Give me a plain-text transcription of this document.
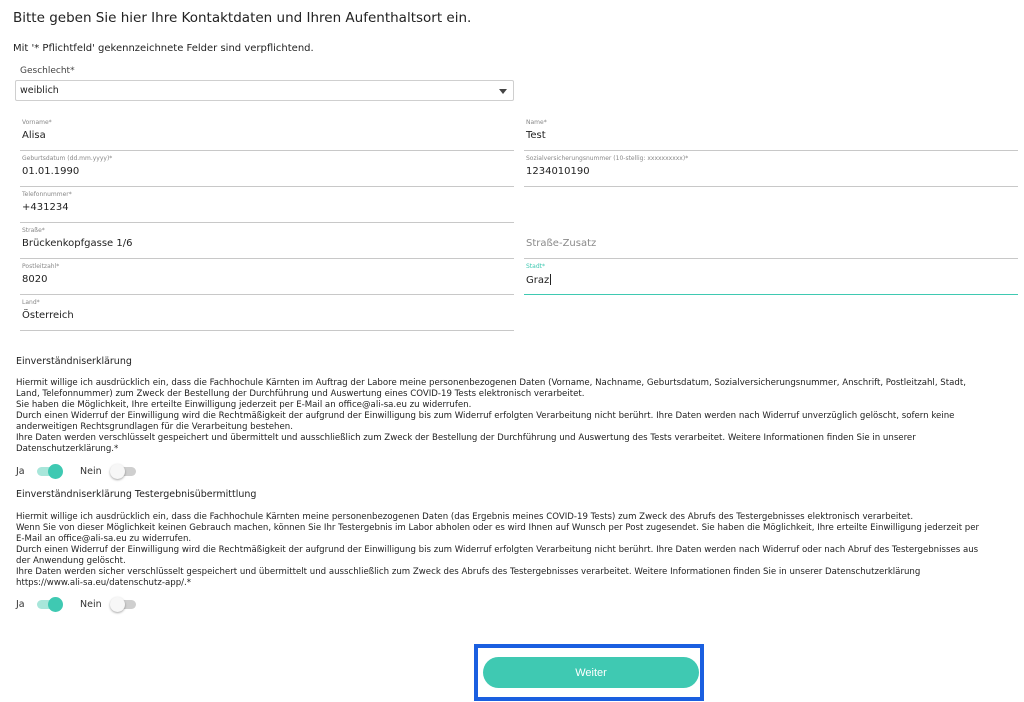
Bitte geben Sie hier Ihre Kontaktdaten und Ihren Aufenthaltsort ein.
Mit '* Pflichtfeld' gekennzeichnete Felder sind verpflichtend.
Geschlecht*
weiblich
Vorname*
Alisa
Name*
Test
Geburtsdatum (dd.mm.yyyy)*
01.01.1990
Sozialversicherungsnummer (10-stellig: xxxxxxxxxx)*
1234010190
Telefonnummer*
+431234
Straße*
Brückenkopfgasse 1/6	Straße-Zusatz
Postleitzahl*
8020
Stadt*
Graz
Land*
Österreich
Einverständniserklärung

Hiermit willige ich ausdrücklich ein, dass die Fachhochule Kärnten im Auftrag der Labore meine personenbezogenen Daten (Vorname, Nachname, Geburtsdatum, Sozialversicherungsnummer, Anschrift, Postleitzahl, Stadt, Land, Telefonnummer) zum Zweck der Bestellung der Durchführung und Auswertung eines COVID-19 Tests elektronisch verarbeitet.

Sie haben die Möglichkeit, Ihre erteilte Einwilligung jederzeit per E-Mail an office@ali-sa.eu zu widerrufen.

Durch einen Widerruf der Einwilligung wird die Rechtmäßigkeit der aufgrund der Einwilligung bis zum Widerruf erfolgten Verarbeitung nicht berührt. Ihre Daten werden nach Widerruf unverzüglich gelöscht, sofern keine anderweitigen Rechtsgrundlagen für die Verarbeitung bestehen.

Ihre Daten werden verschlüsselt gespeichert und übermittelt und ausschließlich zum Zweck der Bestellung der Durchführung und Auswertung des Tests verarbeitet. Weitere Informationen finden Sie in unserer Datenschutzerklärung.*

Ja	Nein
Einverständniserklärung Testergebnisübermittlung

Hiermit willige ich ausdrücklich ein, dass die Fachhochule Kärnten meine personenbezogenen Daten (das Ergebnis meines COVID-19 Tests) zum Zweck des Abrufs des Testergebnisses elektronisch verarbeitet.

Wenn Sie von dieser Möglichkeit keinen Gebrauch machen, können Sie Ihr Testergebnis im Labor abholen oder es wird Ihnen auf Wunsch per Post zugesendet. Sie haben die Möglichkeit, Ihre erteilte Einwilligung jederzeit per E-Mail an office@ali-sa.eu zu widerrufen.

Durch einen Widerruf der Einwilligung wird die Rechtmäßigkeit der aufgrund der Einwilligung bis zum Widerruf erfolgten Verarbeitung nicht berührt. Ihre Daten werden nach Widerruf oder nach Abruf des Testergebnisses aus der Anwendung gelöscht.

Ihre Daten werden sicher verschlüsselt gespeichert und übermittelt und ausschließlich zum Zweck des Abrufs des Testergebnisses verarbeitet. Weitere Informationen finden Sie in unserer Datenschutzerklärung https://www.ali-sa.eu/datenschutz-app/.*

Ja	Nein
Weiter
